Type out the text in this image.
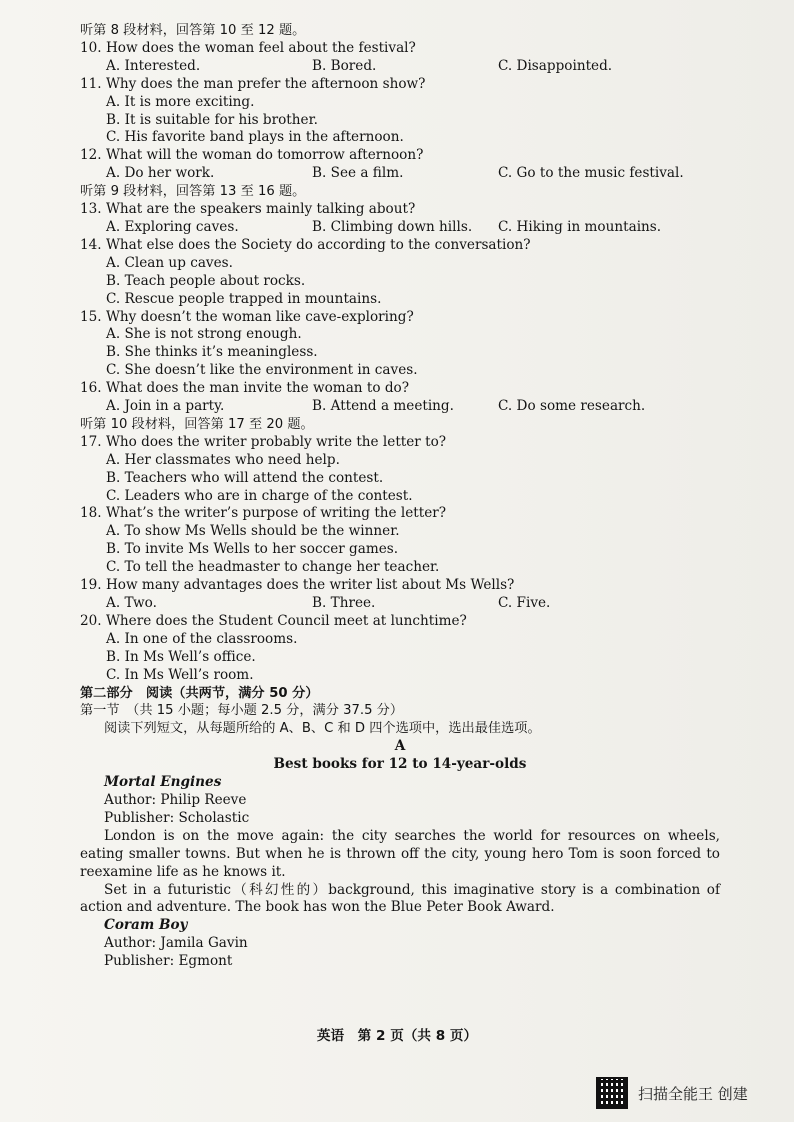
听第 8 段材料，回答第 10 至 12 题。
10. How does the woman feel about the festival?
A. Interested.	B. Bored.	C. Disappointed.
11. Why does the man prefer the afternoon show?
A. It is more exciting.
B. It is suitable for his brother.
C. His favorite band plays in the afternoon.
12. What will the woman do tomorrow afternoon?
A. Do her work.	B. See a film.	C. Go to the music festival.
听第 9 段材料，回答第 13 至 16 题。
13. What are the speakers mainly talking about?
A. Exploring caves.	B. Climbing down hills.	C. Hiking in mountains.
14. What else does the Society do according to the conversation?
A. Clean up caves.
B. Teach people about rocks.
C. Rescue people trapped in mountains.
15. Why doesn’t the woman like cave-exploring?
A. She is not strong enough.
B. She thinks it’s meaningless.
C. She doesn’t like the environment in caves.
16. What does the man invite the woman to do?
A. Join in a party.	B. Attend a meeting.	C. Do some research.
听第 10 段材料，回答第 17 至 20 题。
17. Who does the writer probably write the letter to?
A. Her classmates who need help.
B. Teachers who will attend the contest.
C. Leaders who are in charge of the contest.
18. What’s the writer’s purpose of writing the letter?
A. To show Ms Wells should be the winner.
B. To invite Ms Wells to her soccer games.
C. To tell the headmaster to change her teacher.
19. How many advantages does the writer list about Ms Wells?
A. Two.	B. Three.	C. Five.
20. Where does the Student Council meet at lunchtime?
A. In one of the classrooms.
B. In Ms Well’s office.
C. In Ms Well’s room.
第二部分　阅读（共两节，满分 50 分）
第一节　（共 15 小题；每小题 2.5 分，满分 37.5 分）
阅读下列短文，从每题所给的 A、B、C 和 D 四个选项中，选出最佳选项。
A
Best books for 12 to 14-year-olds
Mortal Engines
Author: Philip Reeve
Publisher: Scholastic
London is on the move again: the city searches the world for resources on wheels, eating smaller towns. But when he is thrown off the city, young hero Tom is soon forced to reexamine life as he knows it.
Set in a futuristic（科幻性的）background, this imaginative story is a combination of action and adventure. The book has won the Blue Peter Book Award.
Coram Boy
Author: Jamila Gavin
Publisher: Egmont
英语　第 2 页（共 8 页）
扫描全能王 创建
